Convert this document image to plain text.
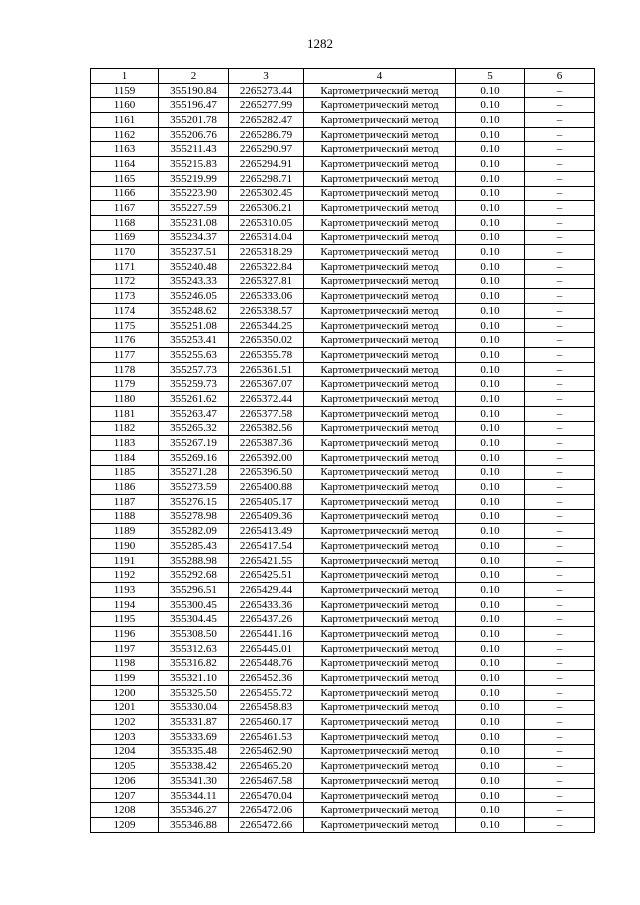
1282
1	2	3	4	5	6
1159	355190.84	2265273.44	Картометрический метод	0.10	–
1160	355196.47	2265277.99	Картометрический метод	0.10	–
1161	355201.78	2265282.47	Картометрический метод	0.10	–
1162	355206.76	2265286.79	Картометрический метод	0.10	–
1163	355211.43	2265290.97	Картометрический метод	0.10	–
1164	355215.83	2265294.91	Картометрический метод	0.10	–
1165	355219.99	2265298.71	Картометрический метод	0.10	–
1166	355223.90	2265302.45	Картометрический метод	0.10	–
1167	355227.59	2265306.21	Картометрический метод	0.10	–
1168	355231.08	2265310.05	Картометрический метод	0.10	–
1169	355234.37	2265314.04	Картометрический метод	0.10	–
1170	355237.51	2265318.29	Картометрический метод	0.10	–
1171	355240.48	2265322.84	Картометрический метод	0.10	–
1172	355243.33	2265327.81	Картометрический метод	0.10	–
1173	355246.05	2265333.06	Картометрический метод	0.10	–
1174	355248.62	2265338.57	Картометрический метод	0.10	–
1175	355251.08	2265344.25	Картометрический метод	0.10	–
1176	355253.41	2265350.02	Картометрический метод	0.10	–
1177	355255.63	2265355.78	Картометрический метод	0.10	–
1178	355257.73	2265361.51	Картометрический метод	0.10	–
1179	355259.73	2265367.07	Картометрический метод	0.10	–
1180	355261.62	2265372.44	Картометрический метод	0.10	–
1181	355263.47	2265377.58	Картометрический метод	0.10	–
1182	355265.32	2265382.56	Картометрический метод	0.10	–
1183	355267.19	2265387.36	Картометрический метод	0.10	–
1184	355269.16	2265392.00	Картометрический метод	0.10	–
1185	355271.28	2265396.50	Картометрический метод	0.10	–
1186	355273.59	2265400.88	Картометрический метод	0.10	–
1187	355276.15	2265405.17	Картометрический метод	0.10	–
1188	355278.98	2265409.36	Картометрический метод	0.10	–
1189	355282.09	2265413.49	Картометрический метод	0.10	–
1190	355285.43	2265417.54	Картометрический метод	0.10	–
1191	355288.98	2265421.55	Картометрический метод	0.10	–
1192	355292.68	2265425.51	Картометрический метод	0.10	–
1193	355296.51	2265429.44	Картометрический метод	0.10	–
1194	355300.45	2265433.36	Картометрический метод	0.10	–
1195	355304.45	2265437.26	Картометрический метод	0.10	–
1196	355308.50	2265441.16	Картометрический метод	0.10	–
1197	355312.63	2265445.01	Картометрический метод	0.10	–
1198	355316.82	2265448.76	Картометрический метод	0.10	–
1199	355321.10	2265452.36	Картометрический метод	0.10	–
1200	355325.50	2265455.72	Картометрический метод	0.10	–
1201	355330.04	2265458.83	Картометрический метод	0.10	–
1202	355331.87	2265460.17	Картометрический метод	0.10	–
1203	355333.69	2265461.53	Картометрический метод	0.10	–
1204	355335.48	2265462.90	Картометрический метод	0.10	–
1205	355338.42	2265465.20	Картометрический метод	0.10	–
1206	355341.30	2265467.58	Картометрический метод	0.10	–
1207	355344.11	2265470.04	Картометрический метод	0.10	–
1208	355346.27	2265472.06	Картометрический метод	0.10	–
1209	355346.88	2265472.66	Картометрический метод	0.10	–
